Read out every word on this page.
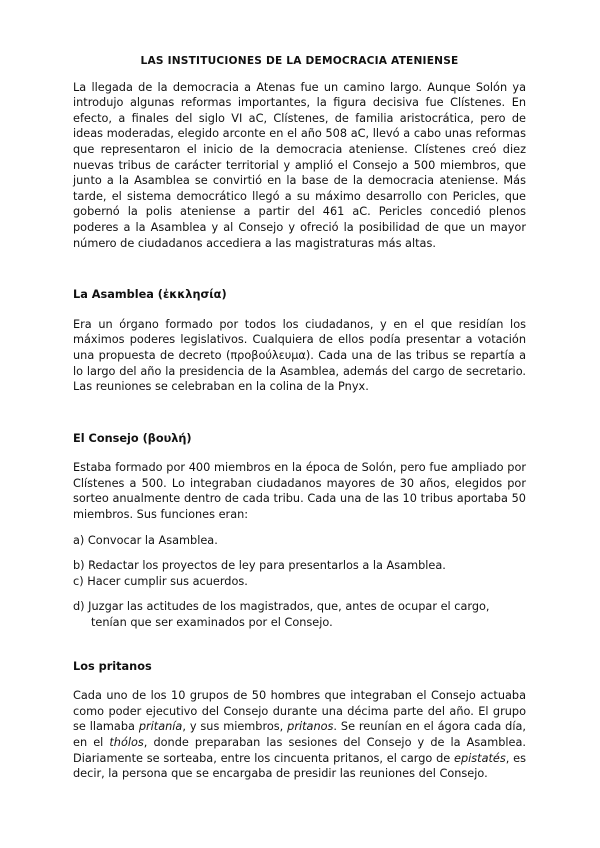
LAS INSTITUCIONES DE LA DEMOCRACIA ATENIENSE

La llegada de la democracia a Atenas fue un camino largo. Aunque Solón ya introdujo algunas reformas importantes, la figura decisiva fue Clístenes. En efecto, a finales del siglo VI aC, Clístenes, de familia aristocrática, pero de ideas moderadas, elegido arconte en el año 508 aC, llevó a cabo unas reformas que representaron el inicio de la democracia ateniense. Clístenes creó diez nuevas tribus de carácter territorial y amplió el Consejo a 500 miembros, que junto a la Asamblea se convirtió en la base de la democracia ateniense. Más tarde, el sistema democrático llegó a su máximo desarrollo con Pericles, que gobernó la polis ateniense a partir del 461 aC. Pericles concedió plenos poderes a la Asamblea y al Consejo y ofreció la posibilidad de que un mayor número de ciudadanos accediera a las magistraturas más altas.

La Asamblea (ἐκκλησία)

Era un órgano formado por todos los ciudadanos, y en el que residían los máximos poderes legislativos. Cualquiera de ellos podía presentar a votación una propuesta de decreto (προβούλευμα). Cada una de las tribus se repartía a lo largo del año la presidencia de la Asamblea, además del cargo de secretario. Las reuniones se celebraban en la colina de la Pnyx.

El Consejo (βουλή)

Estaba formado por 400 miembros en la época de Solón, pero fue ampliado por Clístenes a 500. Lo integraban ciudadanos mayores de 30 años, elegidos por sorteo anualmente dentro de cada tribu. Cada una de las 10 tribus aportaba 50 miembros. Sus funciones eran:

a) Convocar la Asamblea.
b) Redactar los proyectos de ley para presentarlos a la Asamblea.
c) Hacer cumplir sus acuerdos.
d) Juzgar las actitudes de los magistrados, que, antes de ocupar el cargo, tenían que ser examinados por el Consejo.
Los pritanos

Cada uno de los 10 grupos de 50 hombres que integraban el Consejo actuaba como poder ejecutivo del Consejo durante una décima parte del año. El grupo se llamaba pritanía, y sus miembros, pritanos. Se reunían en el ágora cada día, en el thólos, donde preparaban las sesiones del Consejo y de la Asamblea. Diariamente se sorteaba, entre los cincuenta pritanos, el cargo de epistatés, es decir, la persona que se encargaba de presidir las reuniones del Consejo.
